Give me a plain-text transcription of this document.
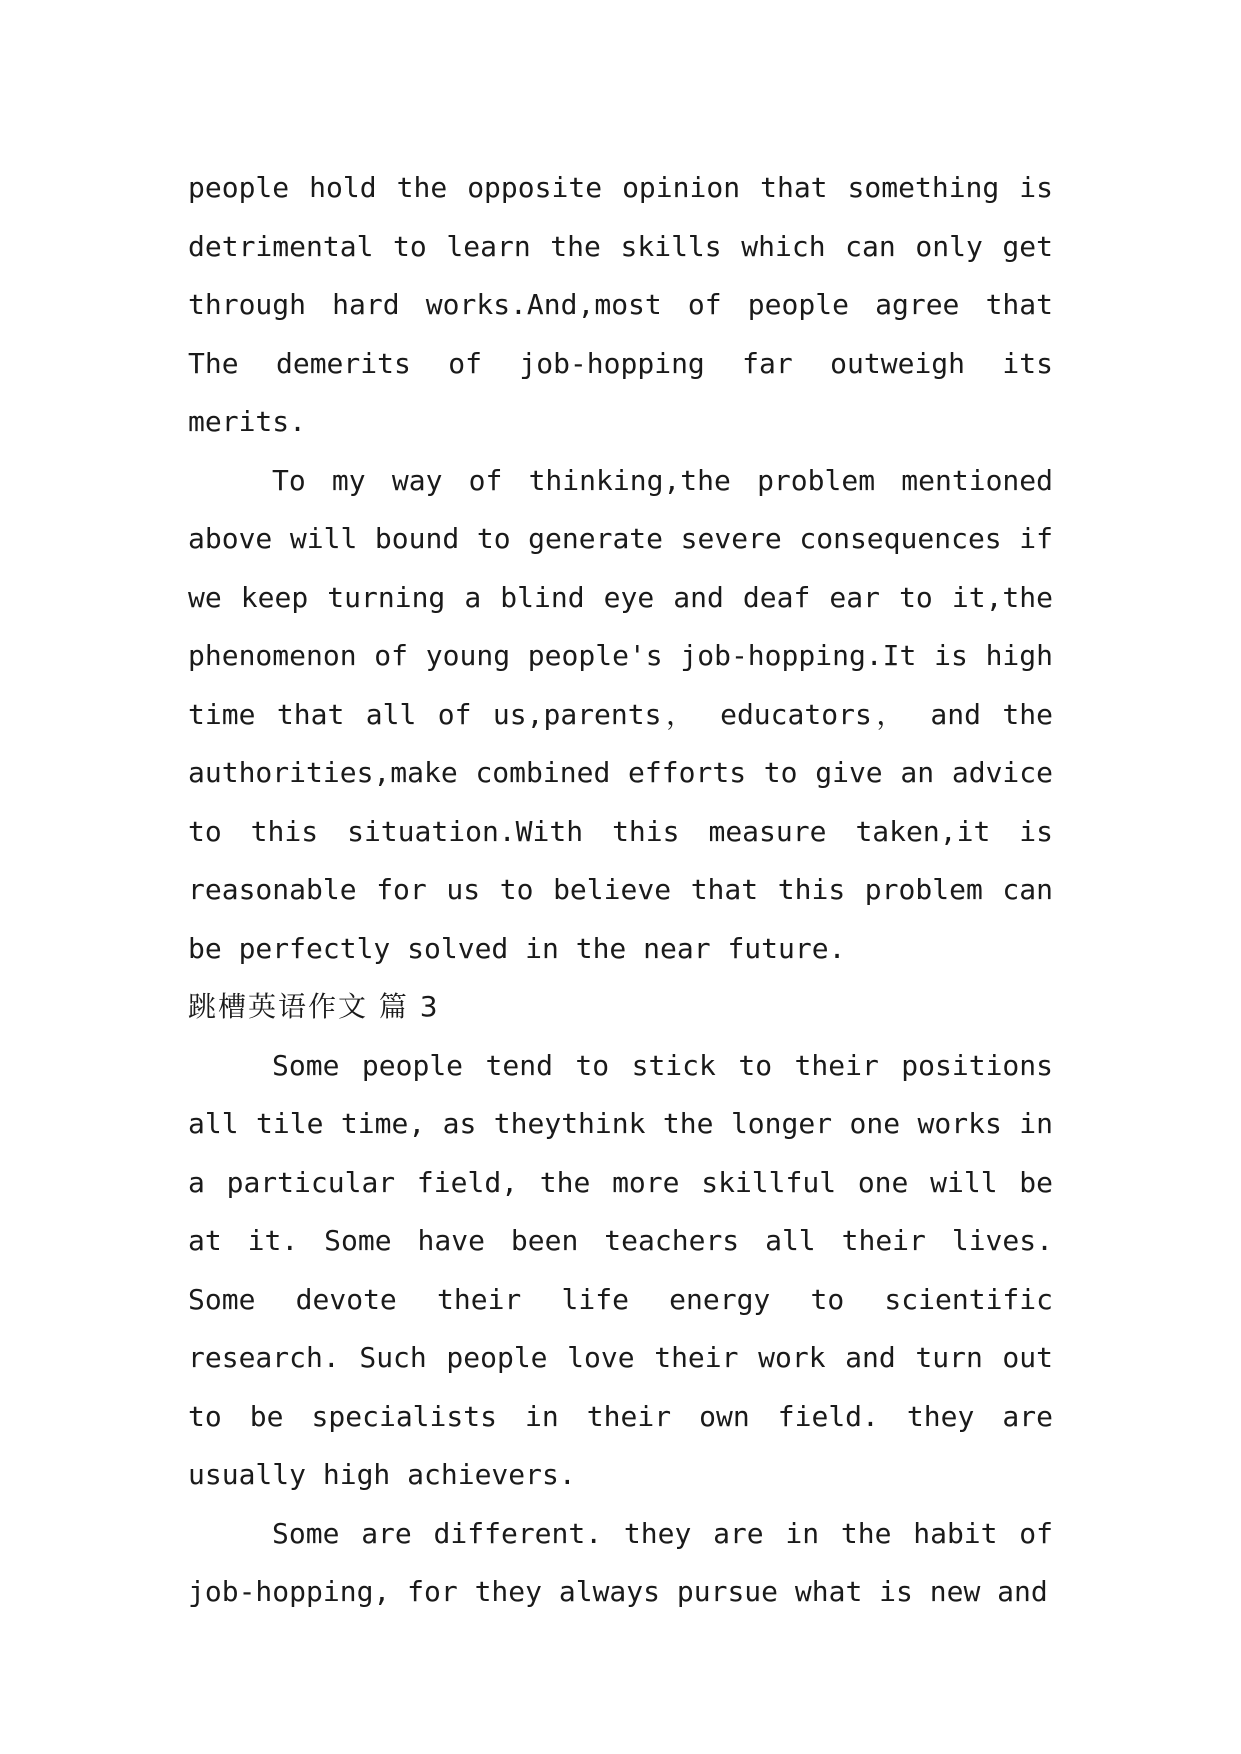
people hold the opposite opinion that something is detrimental to learn the skills which can only get through hard works.And,most of people agree that The demerits of job-hopping far outweigh its merits.

To my way of thinking,the problem mentioned above will bound to generate severe consequences if we keep turning a blind eye and deaf ear to it,the phenomenon of young people's job-hopping.It is high time that all of us,parents， educators， and the authorities,make combined efforts to give an advice to this situation.With this measure taken,it is reasonable for us to believe that this problem can be perfectly solved in the near future.

跳槽英语作文 篇 3

Some people tend to stick to their positions all tile time, as theythink the longer one works in a particular field, the more skillful one will be at it. Some have been teachers all their lives. Some devote their life energy to scientific research. Such people love their work and turn out to be specialists in their own field. they are usually high achievers.

Some are different. they are in the habit of job-hopping, for they always pursue what is new and
